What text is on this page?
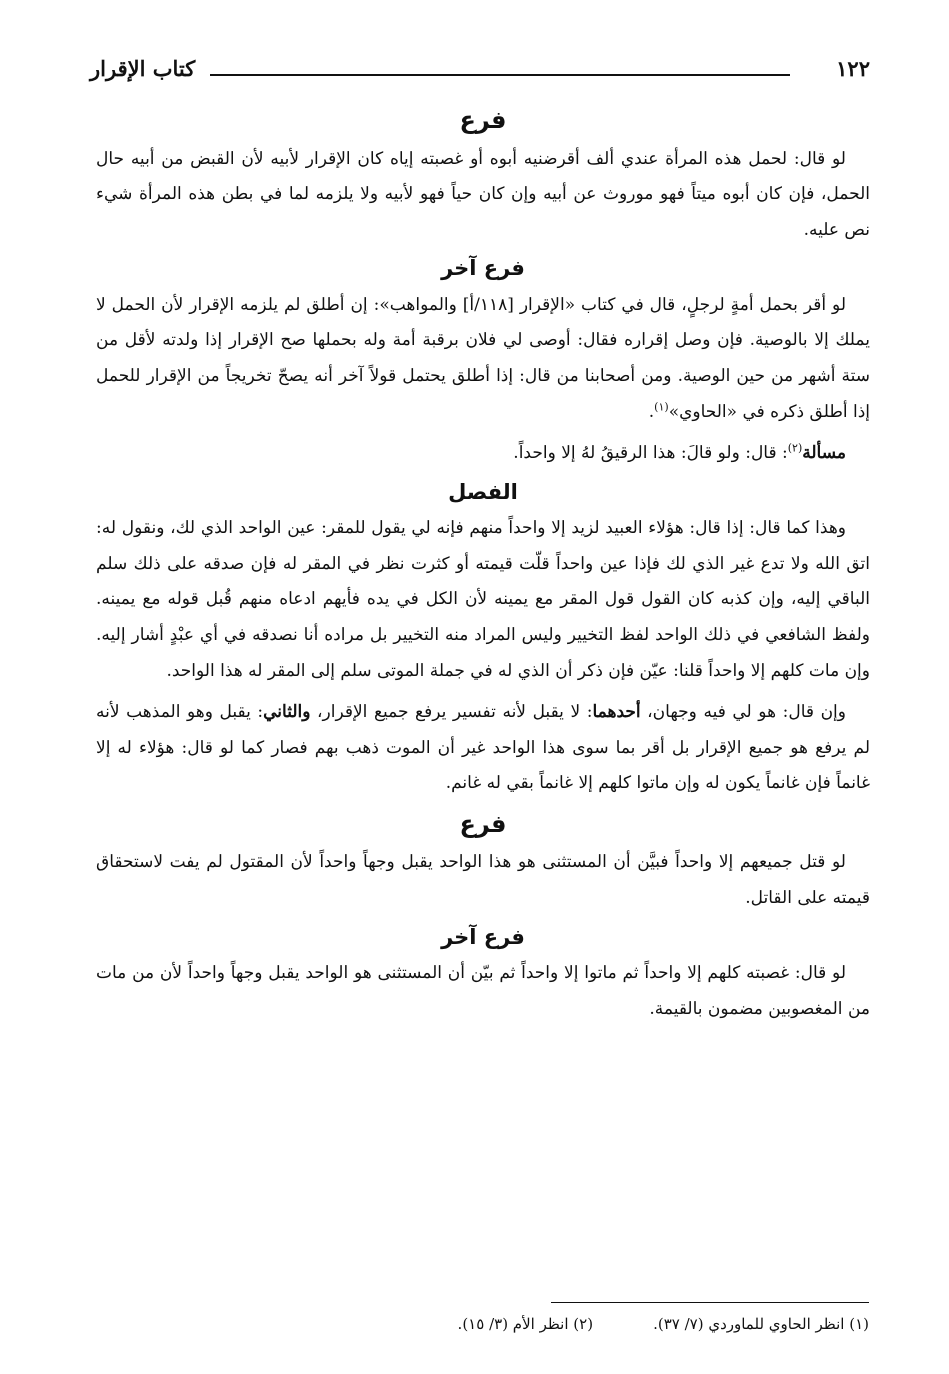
١٢٢
كتاب الإقرار
فرع

لو قال: لحمل هذه المرأة عندي ألف أقرضنيه أبوه أو غصبته إياه كان الإقرار لأبيه لأن القبض من أبيه حال الحمل، فإن كان أبوه ميتاً فهو موروث عن أبيه وإن كان حياً فهو لأبيه ولا يلزمه لما في بطن هذه المرأة شيء نص عليه.

فرع آخر

لو أقر بحمل أمةٍ لرجلٍ، قال في كتاب «الإقرار [١١٨/أ] والمواهب»: إن أطلق لم يلزمه الإقرار لأن الحمل لا يملك إلا بالوصية. فإن وصل إقراره فقال: أوصى لي فلان برقبة أمة وله بحملها صح الإقرار إذا ولدته لأقل من ستة أشهر من حين الوصية. ومن أصحابنا من قال: إذا أطلق يحتمل قولاً آخر أنه يصحّ تخريجاً من الإقرار للحمل إذا أطلق ذكره في «الحاوي»$^{(١)}$.

مسألة$^{(٢)}$: قال: ولو قالَ: هذا الرقيقُ لهُ إلا واحداً.

الفصل

وهذا كما قال: إذا قال: هؤلاء العبيد لزيد إلا واحداً منهم فإنه لي يقول للمقر: عين الواحد الذي لك، ونقول له: اتق الله ولا تدع غير الذي لك فإذا عين واحداً قلّت قيمته أو كثرت نظر في المقر له فإن صدقه على ذلك سلم الباقي إليه، وإن كذبه كان القول قول المقر مع يمينه لأن الكل في يده فأيهم ادعاه منهم قُبل قوله مع يمينه. ولفظ الشافعي في ذلك الواحد لفظ التخيير وليس المراد منه التخيير بل مراده أنا نصدقه في أي عبْدٍ أشار إليه. وإن مات كلهم إلا واحداً قلنا: عيّن فإن ذكر أن الذي له في جملة الموتى سلم إلى المقر له هذا الواحد.

وإن قال: هو لي فيه وجهان، أحدهما: لا يقبل لأنه تفسير يرفع جميع الإقرار، والثاني: يقبل وهو المذهب لأنه لم يرفع هو جميع الإقرار بل أقر بما سوى هذا الواحد غير أن الموت ذهب بهم فصار كما لو قال: هؤلاء له إلا غانماً فإن غانماً يكون له وإن ماتوا كلهم إلا غانماً بقي له غانم.

فرع

لو قتل جميعهم إلا واحداً فبيَّن أن المستثنى هو هذا الواحد يقبل وجهاً واحداً لأن المقتول لم يفت لاستحقاق قيمته على القاتل.

فرع آخر

لو قال: غصبته كلهم إلا واحداً ثم ماتوا إلا واحداً ثم بيّن أن المستثنى هو الواحد يقبل وجهاً واحداً لأن من مات من المغصوبين مضمون بالقيمة.

(١) انظر الحاوي للماوردي (٧/ ٣٧).
(٢) انظر الأم (٣/ ١٥).
